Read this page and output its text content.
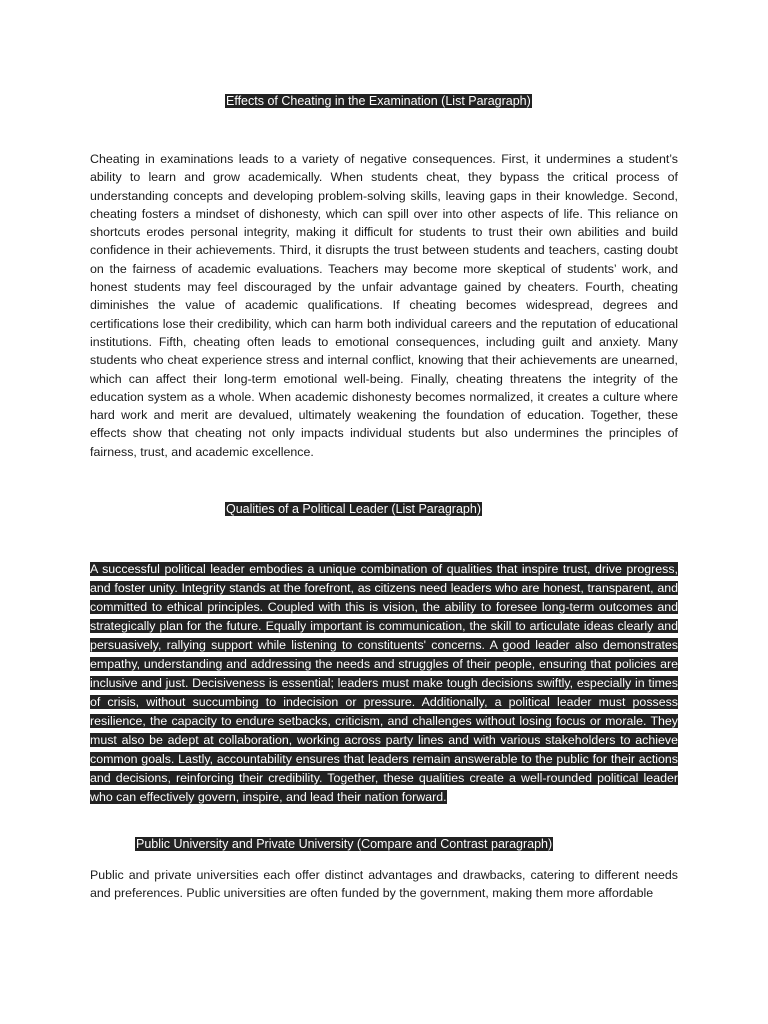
Effects of Cheating in the Examination (List Paragraph)
Cheating in examinations leads to a variety of negative consequences. First, it undermines a student’s ability to learn and grow academically. When students cheat, they bypass the critical process of understanding concepts and developing problem-solving skills, leaving gaps in their knowledge. Second, cheating fosters a mindset of dishonesty, which can spill over into other aspects of life. This reliance on shortcuts erodes personal integrity, making it difficult for students to trust their own abilities and build confidence in their achievements. Third, it disrupts the trust between students and teachers, casting doubt on the fairness of academic evaluations. Teachers may become more skeptical of students’ work, and honest students may feel discouraged by the unfair advantage gained by cheaters. Fourth, cheating diminishes the value of academic qualifications. If cheating becomes widespread, degrees and certifications lose their credibility, which can harm both individual careers and the reputation of educational institutions. Fifth, cheating often leads to emotional consequences, including guilt and anxiety. Many students who cheat experience stress and internal conflict, knowing that their achievements are unearned, which can affect their long-term emotional well-being. Finally, cheating threatens the integrity of the education system as a whole. When academic dishonesty becomes normalized, it creates a culture where hard work and merit are devalued, ultimately weakening the foundation of education. Together, these effects show that cheating not only impacts individual students but also undermines the principles of fairness, trust, and academic excellence.
Qualities of a Political Leader (List Paragraph)
A successful political leader embodies a unique combination of qualities that inspire trust, drive progress, and foster unity. Integrity stands at the forefront, as citizens need leaders who are honest, transparent, and committed to ethical principles. Coupled with this is vision, the ability to foresee long-term outcomes and strategically plan for the future. Equally important is communication, the skill to articulate ideas clearly and persuasively, rallying support while listening to constituents' concerns. A good leader also demonstrates empathy, understanding and addressing the needs and struggles of their people, ensuring that policies are inclusive and just. Decisiveness is essential; leaders must make tough decisions swiftly, especially in times of crisis, without succumbing to indecision or pressure. Additionally, a political leader must possess resilience, the capacity to endure setbacks, criticism, and challenges without losing focus or morale. They must also be adept at collaboration, working across party lines and with various stakeholders to achieve common goals. Lastly, accountability ensures that leaders remain answerable to the public for their actions and decisions, reinforcing their credibility. Together, these qualities create a well-rounded political leader who can effectively govern, inspire, and lead their nation forward.
Public University and Private University (Compare and Contrast paragraph)
Public and private universities each offer distinct advantages and drawbacks, catering to different needs and preferences. Public universities are often funded by the government, making them more affordable
